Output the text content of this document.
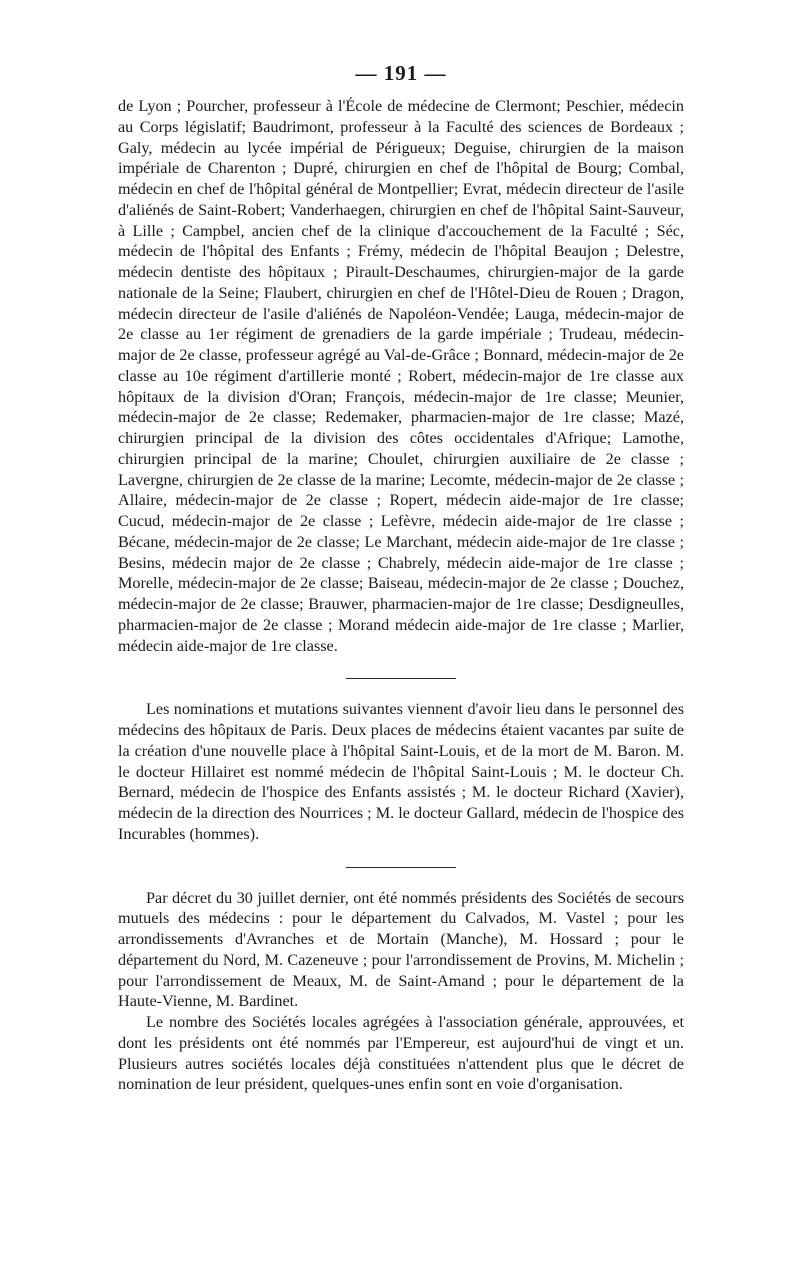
— 191 —

de Lyon ; Pourcher, professeur à l'École de médecine de Clermont; Peschier, médecin au Corps législatif; Baudrimont, professeur à la Faculté des sciences de Bordeaux ; Galy, médecin au lycée impérial de Périgueux; Deguise, chirurgien de la maison impériale de Charenton ; Dupré, chirurgien en chef de l'hôpital de Bourg; Combal, médecin en chef de l'hôpital général de Montpellier; Evrat, médecin directeur de l'asile d'aliénés de Saint-Robert; Vanderhaegen, chirurgien en chef de l'hôpital Saint-Sauveur, à Lille ; Campbel, ancien chef de la clinique d'accouchement de la Faculté ; Séc, médecin de l'hôpital des Enfants ; Frémy, médecin de l'hôpital Beaujon ; Delestre, médecin dentiste des hôpitaux ; Pirault-Deschaumes, chirurgien-major de la garde nationale de la Seine; Flaubert, chirurgien en chef de l'Hôtel-Dieu de Rouen ; Dragon, médecin directeur de l'asile d'aliénés de Napoléon-Vendée; Lauga, médecin-major de 2e classe au 1er régiment de grenadiers de la garde impériale ; Trudeau, médecin-major de 2e classe, professeur agrégé au Val-de-Grâce ; Bonnard, médecin-major de 2e classe au 10e régiment d'artillerie monté ; Robert, médecin-major de 1re classe aux hôpitaux de la division d'Oran; François, médecin-major de 1re classe; Meunier, médecin-major de 2e classe; Redemaker, pharmacien-major de 1re classe; Mazé, chirurgien principal de la division des côtes occidentales d'Afrique; Lamothe, chirurgien principal de la marine; Choulet, chirurgien auxiliaire de 2e classe ; Lavergne, chirurgien de 2e classe de la marine; Lecomte, médecin-major de 2e classe ; Allaire, médecin-major de 2e classe ; Ropert, médecin aide-major de 1re classe; Cucud, médecin-major de 2e classe ; Lefèvre, médecin aide-major de 1re classe ; Bécane, médecin-major de 2e classe; Le Marchant, médecin aide-major de 1re classe ; Besins, médecin major de 2e classe ; Chabrely, médecin aide-major de 1re classe ; Morelle, médecin-major de 2e classe; Baiseau, médecin-major de 2e classe ; Douchez, médecin-major de 2e classe; Brauwer, pharmacien-major de 1re classe; Desdigneulles, pharmacien-major de 2e classe ; Morand médecin aide-major de 1re classe ; Marlier, médecin aide-major de 1re classe.

Les nominations et mutations suivantes viennent d'avoir lieu dans le personnel des médecins des hôpitaux de Paris. Deux places de médecins étaient vacantes par suite de la création d'une nouvelle place à l'hôpital Saint-Louis, et de la mort de M. Baron. M. le docteur Hillairet est nommé médecin de l'hôpital Saint-Louis ; M. le docteur Ch. Bernard, médecin de l'hospice des Enfants assistés ; M. le docteur Richard (Xavier), médecin de la direction des Nourrices ; M. le docteur Gallard, médecin de l'hospice des Incurables (hommes).

Par décret du 30 juillet dernier, ont été nommés présidents des Sociétés de secours mutuels des médecins : pour le département du Calvados, M. Vastel ; pour les arrondissements d'Avranches et de Mortain (Manche), M. Hossard ; pour le département du Nord, M. Cazeneuve ; pour l'arrondissement de Provins, M. Michelin ; pour l'arrondissement de Meaux, M. de Saint-Amand ; pour le département de la Haute-Vienne, M. Bardinet.

Le nombre des Sociétés locales agrégées à l'association générale, approuvées, et dont les présidents ont été nommés par l'Empereur, est aujourd'hui de vingt et un. Plusieurs autres sociétés locales déjà constituées n'attendent plus que le décret de nomination de leur président, quelques-unes enfin sont en voie d'organisation.
